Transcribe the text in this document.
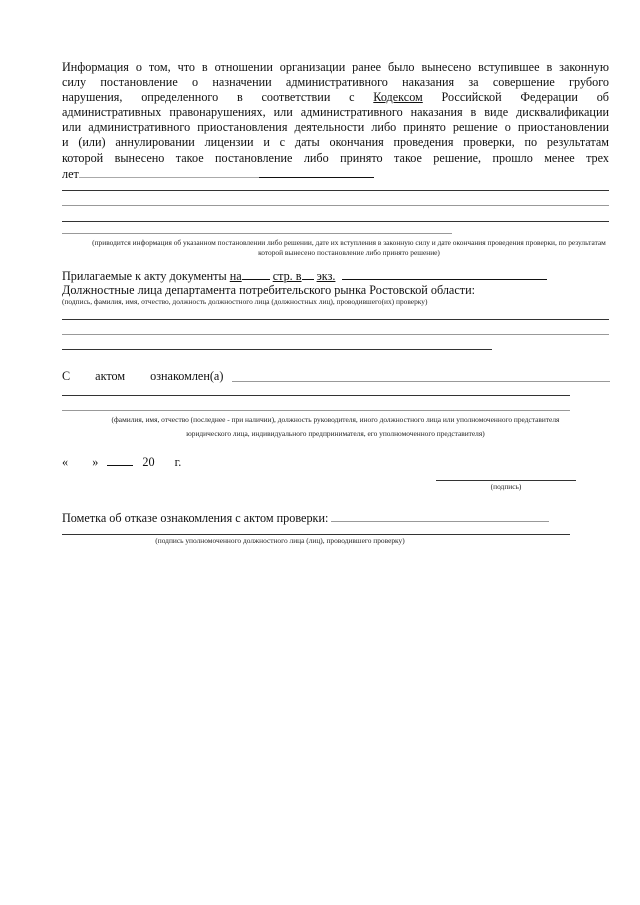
Информация о том, что в отношении организации ранее было вынесено вступившее в законную
силу постановление о назначении административного наказания за совершение грубого
нарушения, определенного в соответствии с Кодексом Российской Федерации об
административных правонарушениях, или административного наказания в виде дисквалификации
или административного приостановления деятельности либо принято решение о приостановлении
и (или) аннулировании лицензии и с даты окончания проведения проверки, по результатам
которой вынесено такое постановление либо принято такое решение, прошло менее трех
лет
(приводится информация об указанном постановлении либо решении, дате их вступления в законную силу и дате окончания проведения проверки, по результатам которой вынесено постановление либо принято решение)
Прилагаемые к акту документы на	стр. в экз.
Должностные лица департамента потребительского рынка Ростовской области:
(подпись, фамилия, имя, отчество, должность должностного лица (должностных лиц), проводившего(их) проверку)
С актом ознакомлен(а)
(фамилия, имя, отчество (последнее - при наличии), должность руководителя, иного должностного лица или уполномоченного представителя
юридического лица, индивидуального предпринимателя, его уполномоченного представителя)
« »	20 г.
(подпись)
Пометка об отказе ознакомления с актом проверки:
(подпись уполномоченного должностного лица (лиц), проводившего проверку)
